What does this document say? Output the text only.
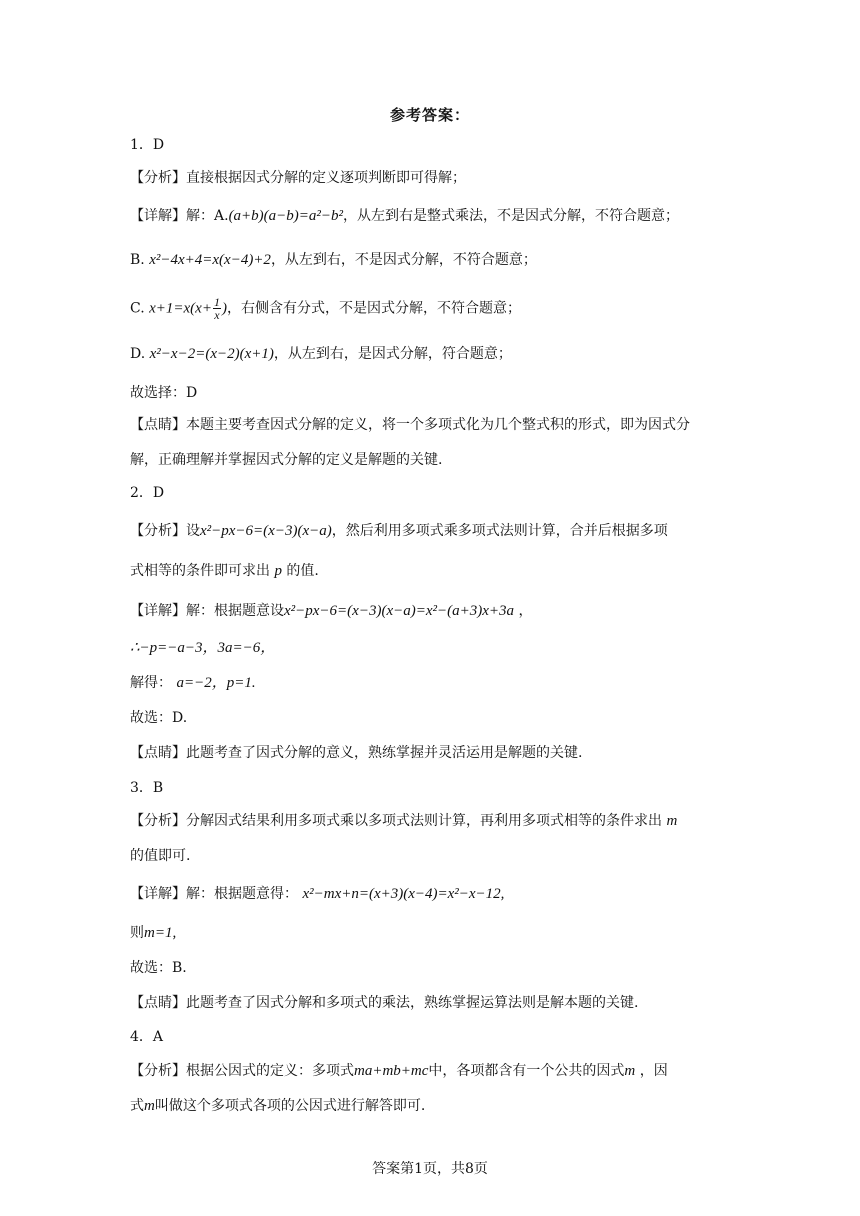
参考答案：
1．D
【分析】直接根据因式分解的定义逐项判断即可得解；
【详解】解：A.(a+b)(a−b)=a²−b²，从左到右是整式乘法，不是因式分解，不符合题意；
B. x²−4x+4=x(x−4)+2，从左到右，不是因式分解，不符合题意；
C. $x+1=x(x+ \frac{1}{x}$ )，右侧含有分式，不是因式分解，不符合题意；
D. x²−x−2=(x−2)(x+1)，从左到右，是因式分解，符合题意；
故选择：D
【点睛】本题主要考查因式分解的定义，将一个多项式化为几个整式积的形式，即为因式分
解，正确理解并掌握因式分解的定义是解题的关键.
2．D
【分析】设x²−px−6=(x−3)(x−a)，然后利用多项式乘多项式法则计算，合并后根据多项
式相等的条件即可求出 p 的值.
【详解】解：根据题意设x²−px−6=(x−3)(x−a)=x²−(a+3)x+3a ，
∴−p=−a−3，3a=−6，
解得： a=−2，p=1.
故选：D.
【点睛】此题考查了因式分解的意义，熟练掌握并灵活运用是解题的关键.
3．B
【分析】分解因式结果利用多项式乘以多项式法则计算，再利用多项式相等的条件求出 m
的值即可.
【详解】解：根据题意得： x²−mx+n=(x+3)(x−4)=x²−x−12,
则m=1,
故选：B.
【点睛】此题考查了因式分解和多项式的乘法，熟练掌握运算法则是解本题的关键.
4．A
【分析】根据公因式的定义：多项式ma+mb+mc中，各项都含有一个公共的因式m ，因
式m叫做这个多项式各项的公因式进行解答即可.
答案第1页，共8页
